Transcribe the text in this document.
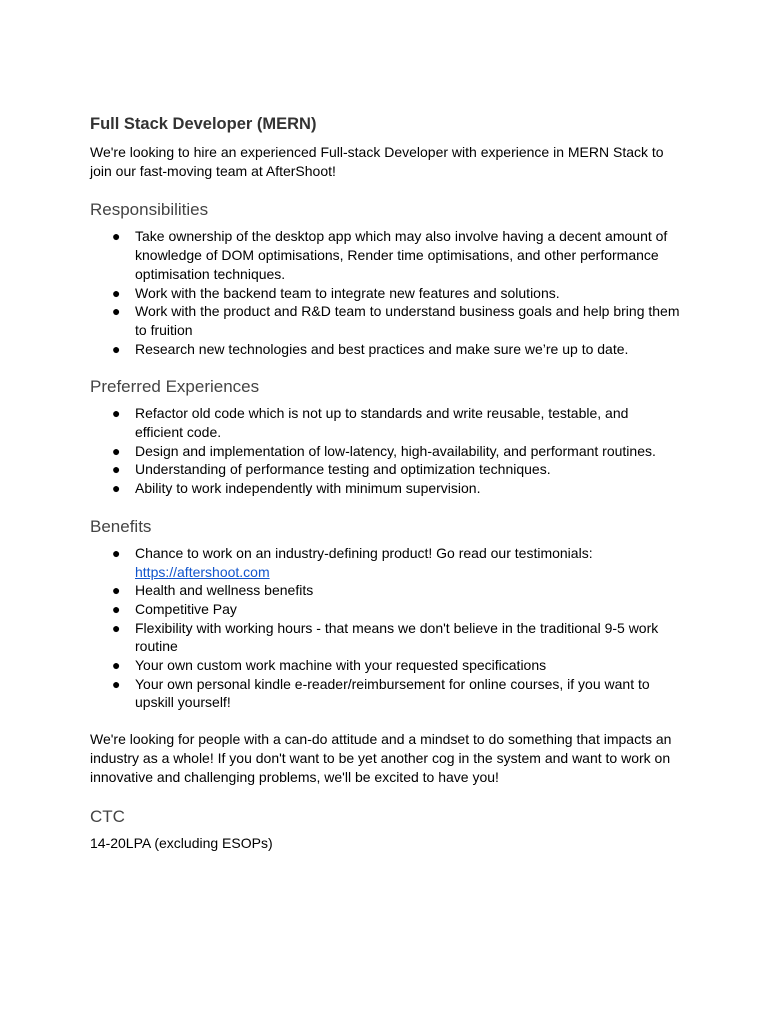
Full Stack Developer (MERN)

We're looking to hire an experienced Full-stack Developer with experience in MERN Stack to join our fast-moving team at AfterShoot!

Responsibilities
● Take ownership of the desktop app which may also involve having a decent amount of knowledge of DOM optimisations, Render time optimisations, and other performance optimisation techniques.
● Work with the backend team to integrate new features and solutions.
● Work with the product and R&D team to understand business goals and help bring them to fruition
● Research new technologies and best practices and make sure we’re up to date.
Preferred Experiences
● Refactor old code which is not up to standards and write reusable, testable, and efficient code.
● Design and implementation of low-latency, high-availability, and performant routines.
● Understanding of performance testing and optimization techniques.
● Ability to work independently with minimum supervision.
Benefits
● Chance to work on an industry-defining product! Go read our testimonials: https://aftershoot.com
● Health and wellness benefits
● Competitive Pay
● Flexibility with working hours - that means we don't believe in the traditional 9-5 work routine
● Your own custom work machine with your requested specifications
● Your own personal kindle e-reader/reimbursement for online courses, if you want to upskill yourself!

We're looking for people with a can-do attitude and a mindset to do something that impacts an industry as a whole! If you don't want to be yet another cog in the system and want to work on innovative and challenging problems, we'll be excited to have you!

CTC

14-20LPA (excluding ESOPs)
